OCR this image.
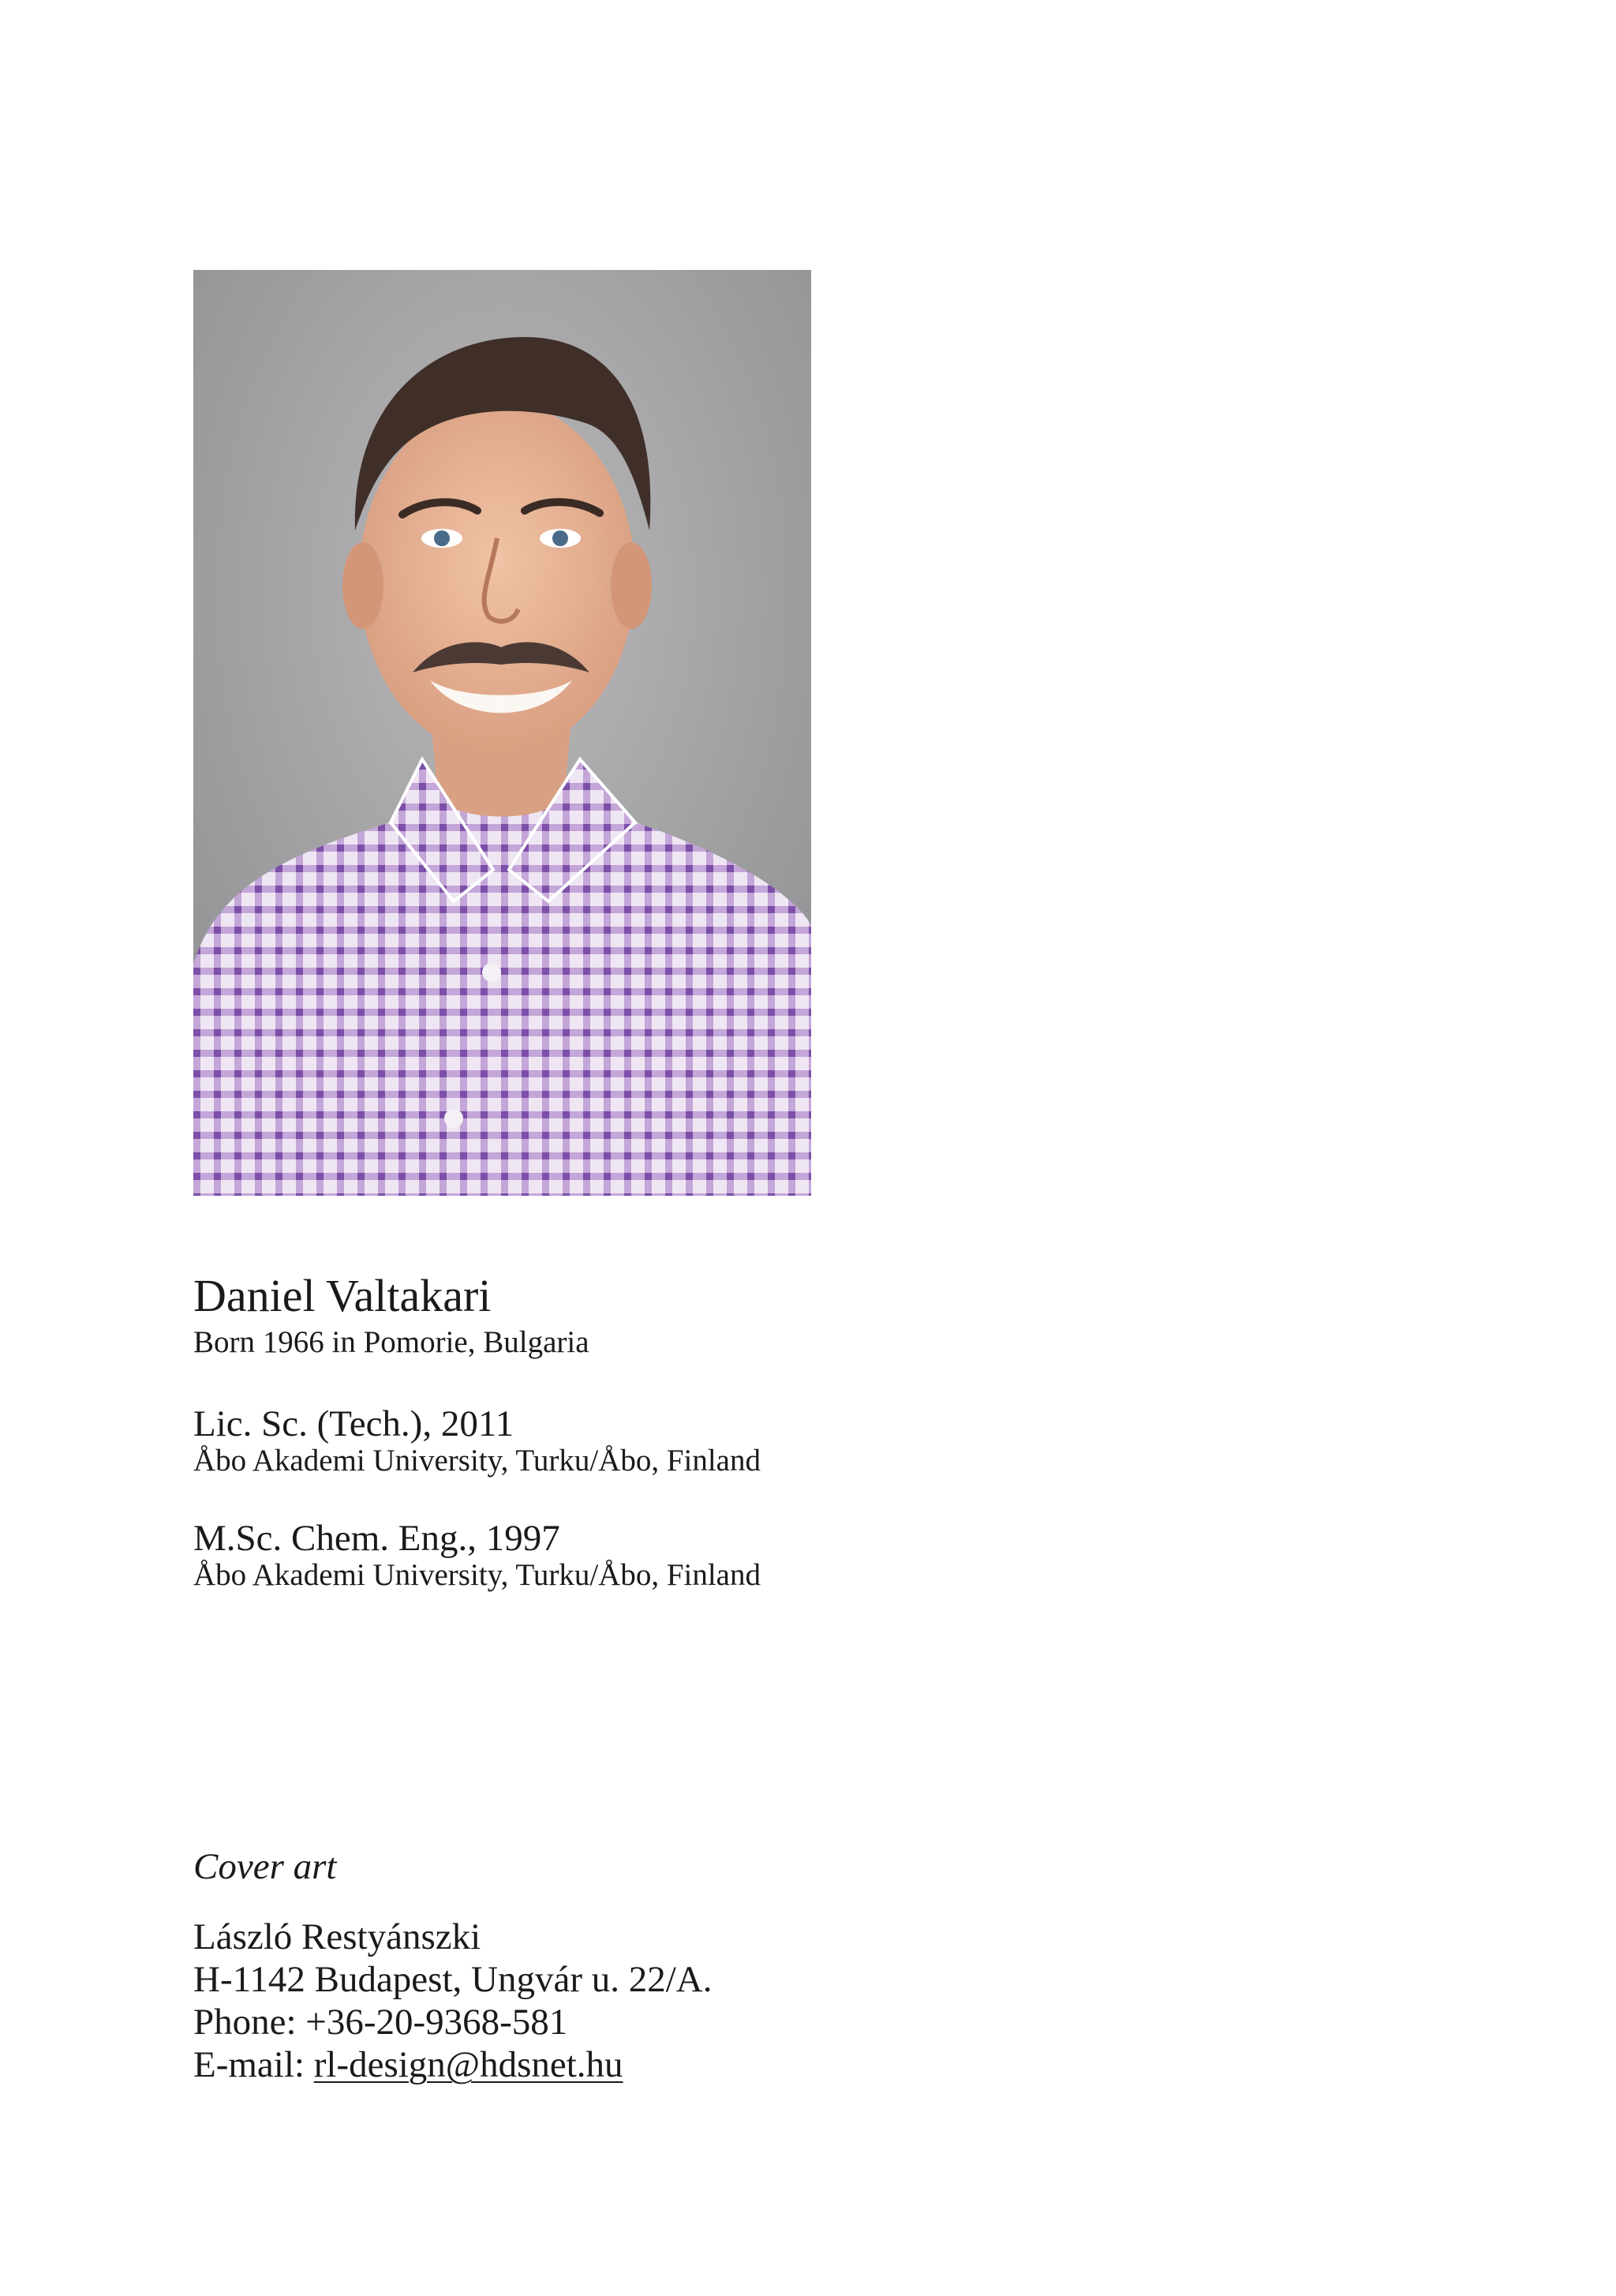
Daniel Valtakari

Born 1966 in Pomorie, Bulgaria

Lic. Sc. (Tech.), 2011

Åbo Akademi University, Turku/Åbo, Finland

M.Sc. Chem. Eng., 1997

Åbo Akademi University, Turku/Åbo, Finland

Cover art

László Restyánszki

H-1142 Budapest, Ungvár u. 22/A.

Phone: +36-20-9368-581

E-mail: rl-design@hdsnet.hu
